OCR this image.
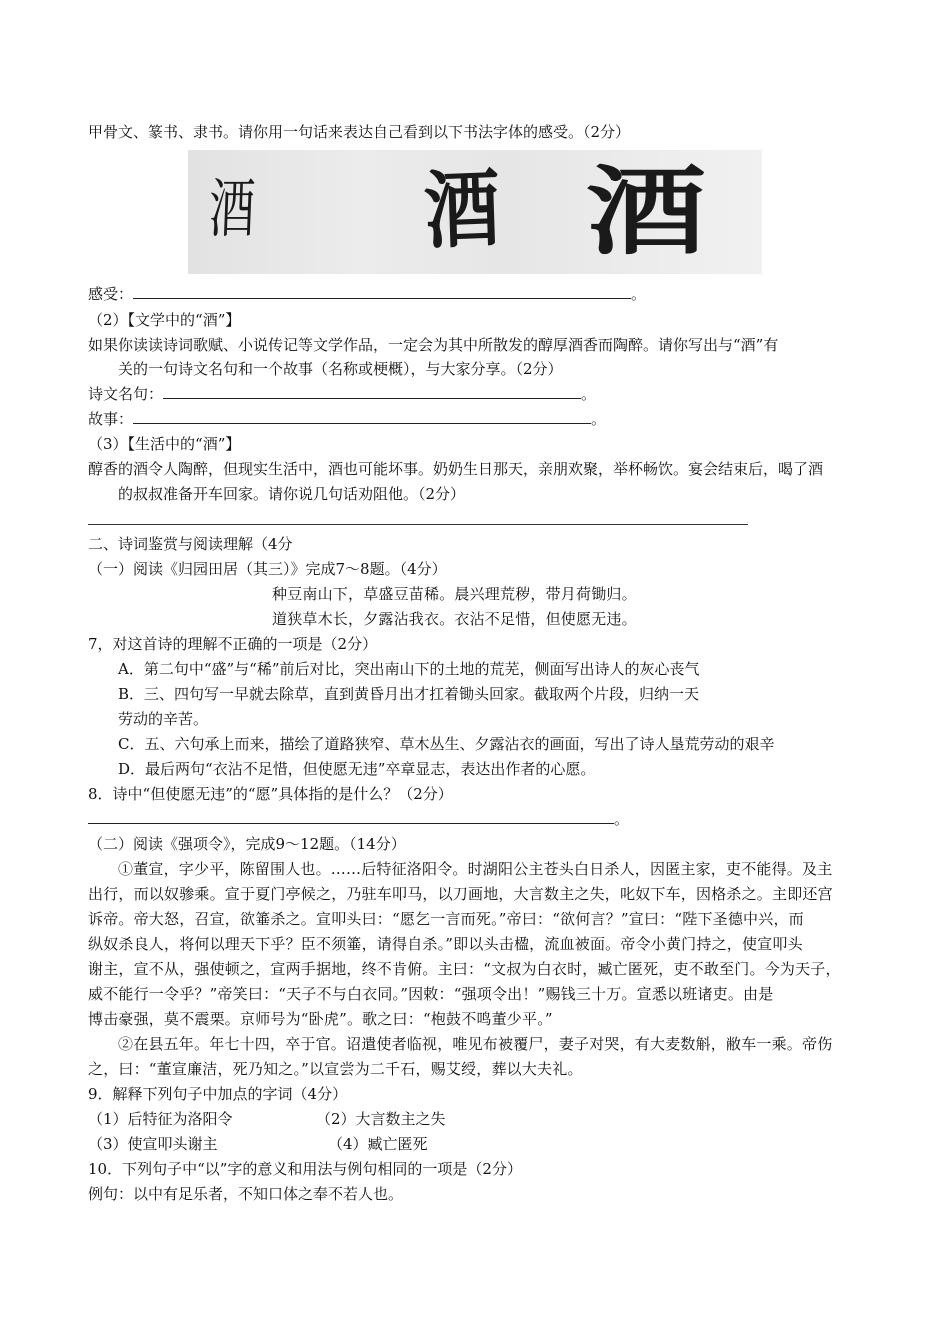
甲骨文、篆书、隶书。请你用一句话来表达自己看到以下书法字体的感受。（2分）
酒 酒 酒
感受：	。
（2）【文学中的“酒”】
如果你读读诗词歌赋、小说传记等文学作品，一定会为其中所散发的醇厚酒香而陶醉。请你写出与“酒”有
关的一句诗文名句和一个故事（名称或梗概），与大家分享。（2分）
诗文名句：	。
故事：	。
（3）【生活中的“酒”】
醇香的酒令人陶醉，但现实生活中，酒也可能坏事。奶奶生日那天，亲朋欢聚，举杯畅饮。宴会结束后，喝了酒
的叔叔准备开车回家。请你说几句话劝阻他。（2分）
二、诗词鉴赏与阅读理解（4分
（一）阅读《归园田居（其三）》完成7～8题。（4分）
种豆南山下，草盛豆苗稀。晨兴理荒秽，带月荷锄归。
道狭草木长，夕露沾我衣。衣沾不足惜，但使愿无违。
7，对这首诗的理解不正确的一项是（2分）
A．第二句中“盛”与“稀”前后对比，突出南山下的土地的荒芜，侧面写出诗人的灰心丧气
B．三、四句写一早就去除草，直到黄昏月出才扛着锄头回家。截取两个片段，归纳一天
劳动的辛苦。
C．五、六句承上而来，描绘了道路狭窄、草木丛生、夕露沾衣的画面，写出了诗人垦荒劳动的艰辛
D．最后两句“衣沾不足惜，但使愿无违”卒章显志，表达出作者的心愿。
8．诗中“但使愿无违”的“愿”具体指的是什么？（2分）
。
（二）阅读《强项令》，完成9～12题。（14分）
①董宣，字少平，陈留围人也。……后特征洛阳令。时湖阳公主苍头白日杀人，因匿主家，吏不能得。及主
出行，而以奴骖乘。宣于夏门亭候之，乃驻车叩马，以刀画地，大言数主之失，叱奴下车，因格杀之。主即还宫
诉帝。帝大怒，召宣，欲箠杀之。宣叩头曰：“愿乞一言而死。”帝曰：“欲何言？”宣曰：“陛下圣德中兴，而
纵奴杀良人，将何以理天下乎？臣不须箠，请得自杀。”即以头击楹，流血被面。帝令小黄门持之，使宣叩头
谢主，宣不从，强使顿之，宣两手据地，终不肯俯。主曰：“文叔为白衣时，臧亡匿死，吏不敢至门。今为天子，
威不能行一令乎？”帝笑曰：“天子不与白衣同。”因敕：“强项令出！”赐钱三十万。宣悉以班诸吏。由是
博击豪强，莫不震栗。京师号为“卧虎”。歌之曰：“枹鼓不鸣董少平。”
②在县五年。年七十四，卒于官。诏遣使者临视，唯见布被覆尸，妻子对哭，有大麦数斛，敝车一乘。帝伤
之，曰：“董宣廉洁，死乃知之。”以宣尝为二千石，赐艾绶，葬以大夫礼。
9．解释下列句子中加点的字词（4分）
（1）后特征为洛阳令	（2）大言数主之失
（3）使宣叩头谢主	（4）臧亡匿死
10．下列句子中“以”字的意义和用法与例句相同的一项是（2分）
例句：以中有足乐者，不知口体之奉不若人也。
